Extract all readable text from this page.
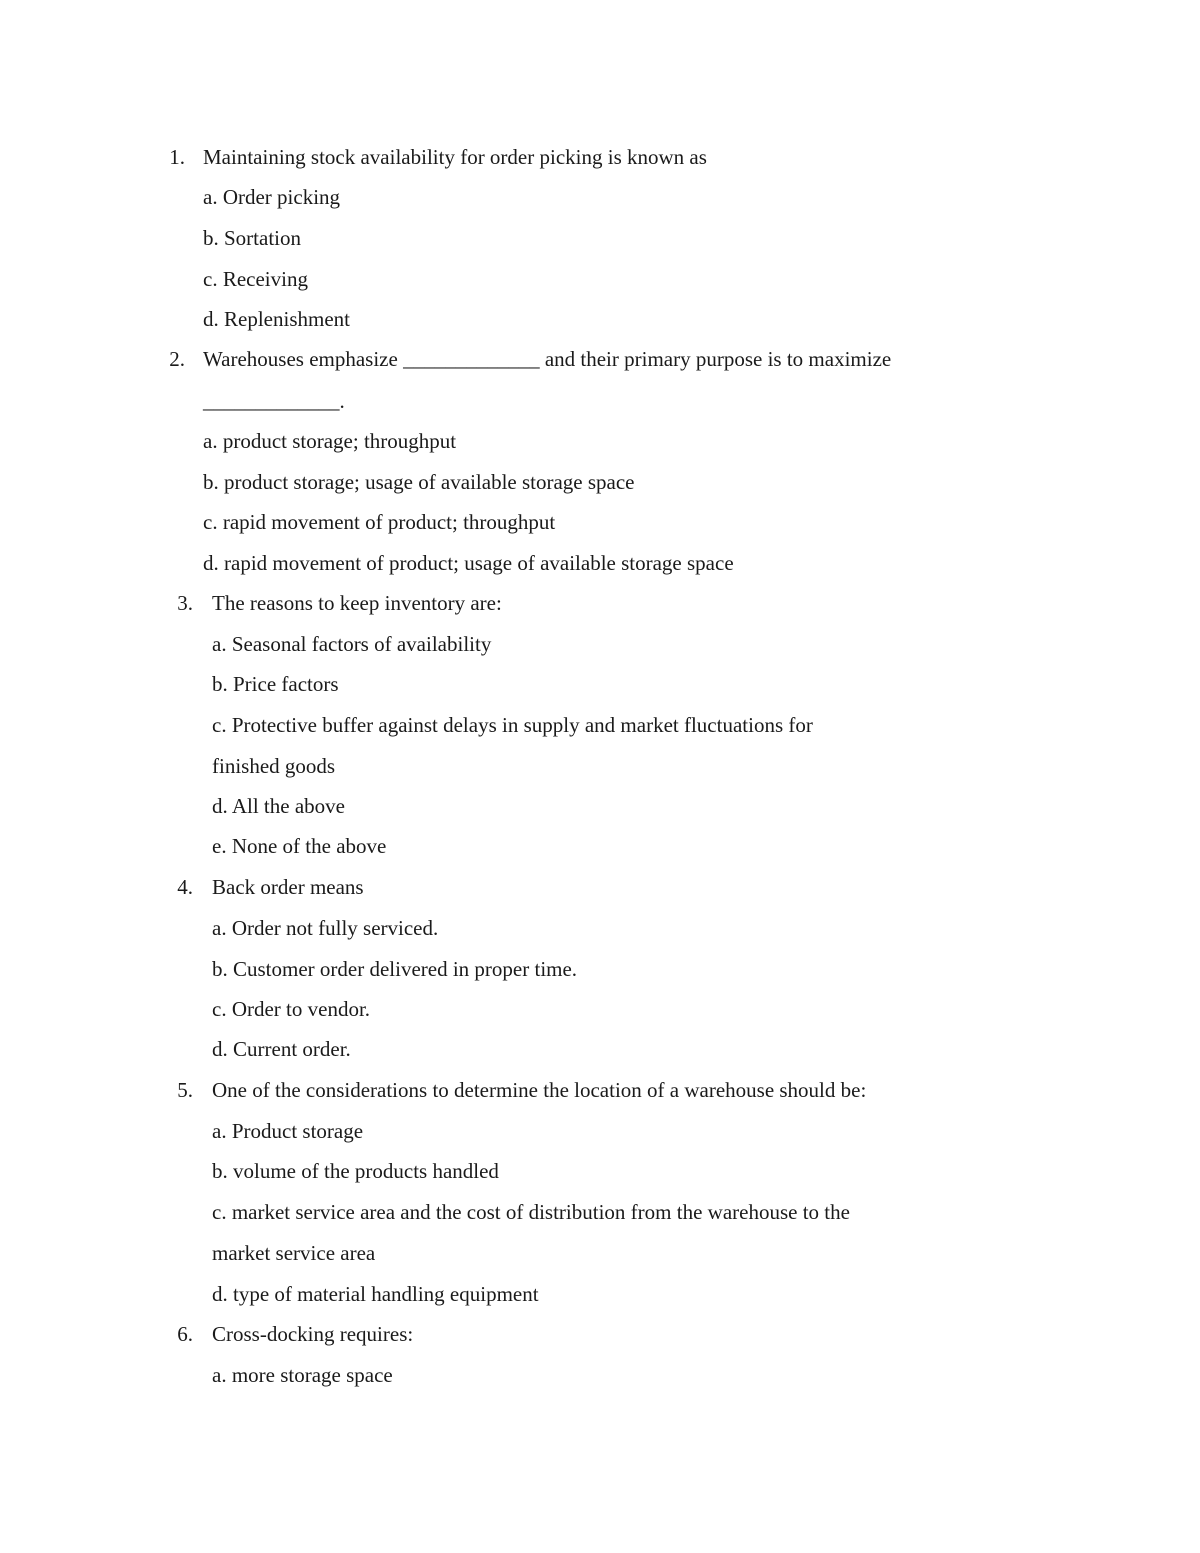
1. Maintaining stock availability for order picking is known as
a. Order picking
b. Sortation
c. Receiving
d. Replenishment
2. Warehouses emphasize _____________ and their primary purpose is to maximize
_____________.
a. product storage; throughput
b. product storage; usage of available storage space
c. rapid movement of product; throughput
d. rapid movement of product; usage of available storage space
3. The reasons to keep inventory are:
a. Seasonal factors of availability
b. Price factors
c. Protective buffer against delays in supply and market fluctuations for
finished goods
d. All the above
e. None of the above
4. Back order means
a. Order not fully serviced.
b. Customer order delivered in proper time.
c. Order to vendor.
d. Current order.
5. One of the considerations to determine the location of a warehouse should be:
a. Product storage
b. volume of the products handled
c. market service area and the cost of distribution from the warehouse to the
market service area
d. type of material handling equipment
6. Cross-docking requires:
a. more storage space
